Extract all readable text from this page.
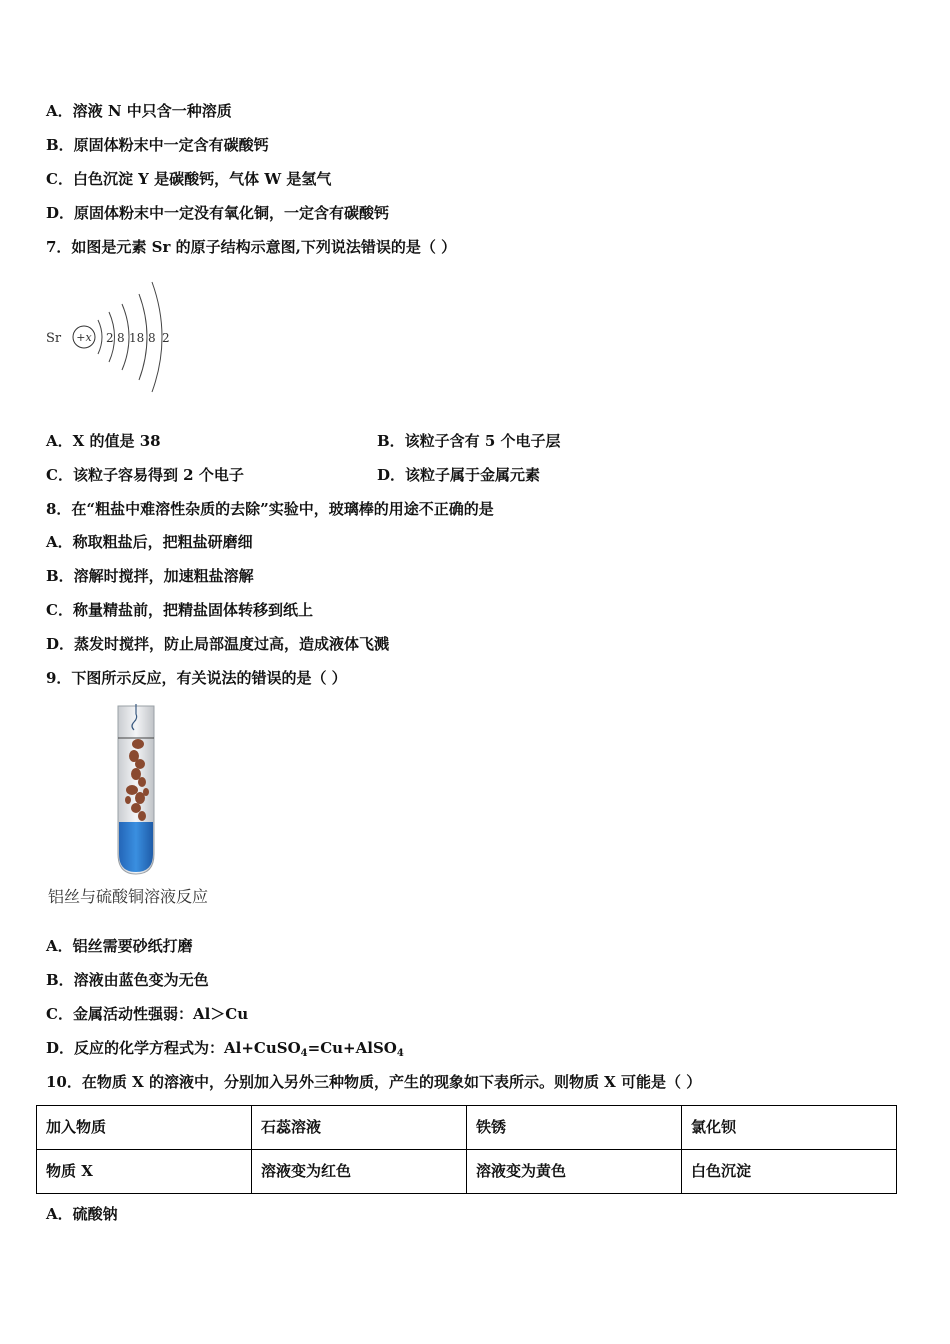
A．溶液 N 中只含一种溶质
B．原固体粉末中一定含有碳酸钙
C．白色沉淀 Y 是碳酸钙，气体 W 是氢气
D．原固体粉末中一定没有氧化铜，一定含有碳酸钙
7．如图是元素 Sr 的原子结构示意图,下列说法错误的是（ ）
Sr +x 2 8 18 8 2
A．X 的值是 38	B．该粒子含有 5 个电子层
C．该粒子容易得到 2 个电子	D．该粒子属于金属元素
8．在“粗盐中难溶性杂质的去除”实验中，玻璃棒的用途不正确的是
A．称取粗盐后，把粗盐研磨细
B．溶解时搅拌，加速粗盐溶解
C．称量精盐前，把精盐固体转移到纸上
D．蒸发时搅拌，防止局部温度过高，造成液体飞溅
9．下图所示反应，有关说法的错误的是（ ）
铝丝与硫酸铜溶液反应
A．铝丝需要砂纸打磨
B．溶液由蓝色变为无色
C．金属活动性强弱：Al＞Cu
D．反应的化学方程式为：Al+CuSO$_4$=Cu+AlSO$_4$
10．在物质 X 的溶液中，分别加入另外三种物质，产生的现象如下表所示。则物质 X 可能是（ ）
加入物质	石蕊溶液	铁锈	氯化钡
物质 X	溶液变为红色	溶液变为黄色	白色沉淀
A．硫酸钠
